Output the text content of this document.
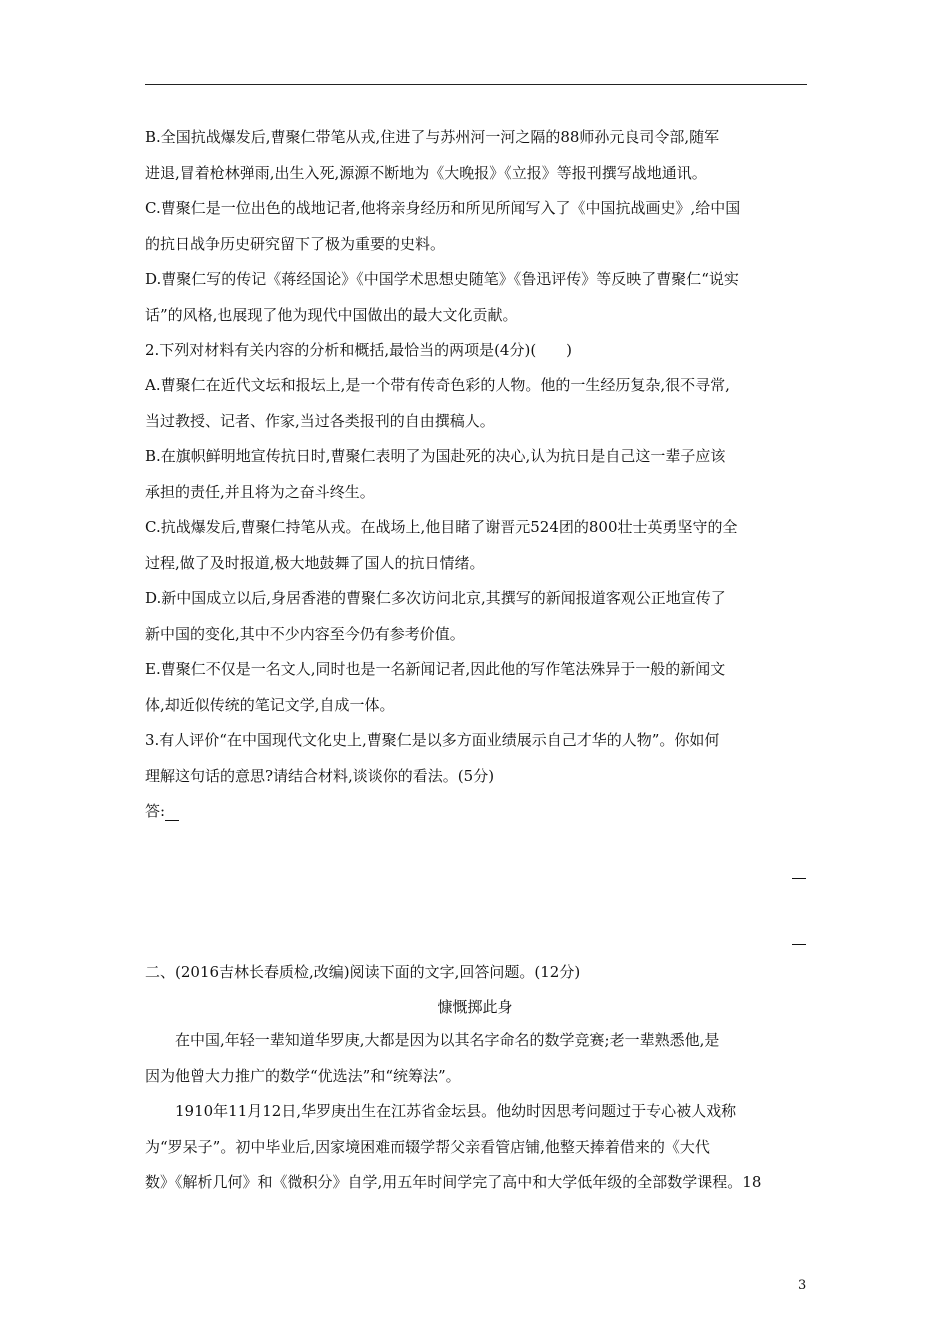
B.全国抗战爆发后,曹聚仁带笔从戎,住进了与苏州河一河之隔的88师孙元良司令部,随军
进退,冒着枪林弹雨,出生入死,源源不断地为《大晚报》《立报》等报刊撰写战地通讯。
C.曹聚仁是一位出色的战地记者,他将亲身经历和所见所闻写入了《中国抗战画史》,给中国
的抗日战争历史研究留下了极为重要的史料。
D.曹聚仁写的传记《蒋经国论》《中国学术思想史随笔》《鲁迅评传》等反映了曹聚仁“说实
话”的风格,也展现了他为现代中国做出的最大文化贡献。
2.下列对材料有关内容的分析和概括,最恰当的两项是(4分)(　　)
A.曹聚仁在近代文坛和报坛上,是一个带有传奇色彩的人物。他的一生经历复杂,很不寻常,
当过教授、记者、作家,当过各类报刊的自由撰稿人。
B.在旗帜鲜明地宣传抗日时,曹聚仁表明了为国赴死的决心,认为抗日是自己这一辈子应该
承担的责任,并且将为之奋斗终生。
C.抗战爆发后,曹聚仁持笔从戎。在战场上,他目睹了谢晋元524团的800壮士英勇坚守的全
过程,做了及时报道,极大地鼓舞了国人的抗日情绪。
D.新中国成立以后,身居香港的曹聚仁多次访问北京,其撰写的新闻报道客观公正地宣传了
新中国的变化,其中不少内容至今仍有参考价值。
E.曹聚仁不仅是一名文人,同时也是一名新闻记者,因此他的写作笔法殊异于一般的新闻文
体,却近似传统的笔记文学,自成一体。
3.有人评价“在中国现代文化史上,曹聚仁是以多方面业绩展示自己才华的人物”。你如何
理解这句话的意思?请结合材料,谈谈你的看法。(5分)
答:
二、(2016吉林长春质检,改编)阅读下面的文字,回答问题。(12分)
慷慨掷此身
在中国,年轻一辈知道华罗庚,大都是因为以其名字命名的数学竞赛;老一辈熟悉他,是
因为他曾大力推广的数学“优选法”和“统筹法”。
1910年11月12日,华罗庚出生在江苏省金坛县。他幼时因思考问题过于专心被人戏称
为“罗呆子”。初中毕业后,因家境困难而辍学帮父亲看管店铺,他整天捧着借来的《大代
数》《解析几何》和《微积分》自学,用五年时间学完了高中和大学低年级的全部数学课程。18
3
